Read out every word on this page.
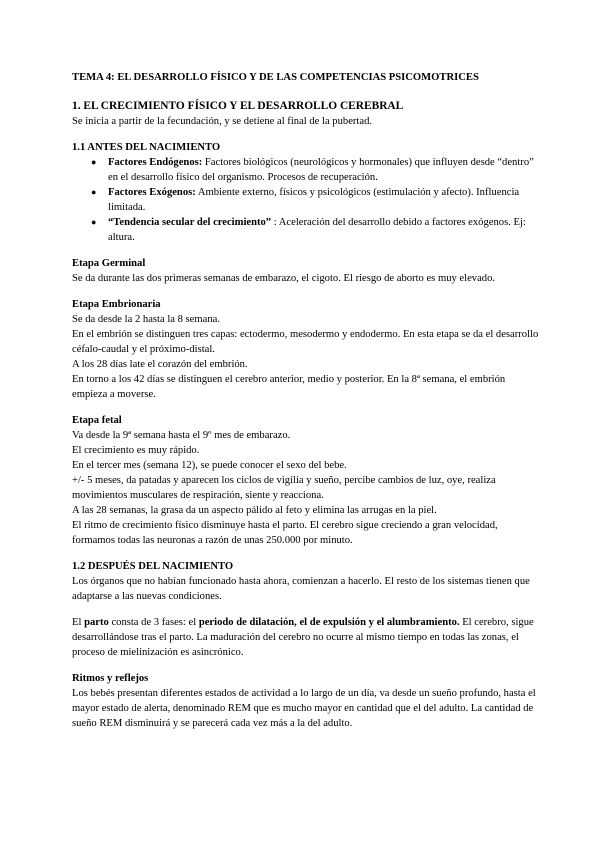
TEMA 4: EL DESARROLLO FÍSICO Y DE LAS COMPETENCIAS PSICOMOTRICES

1. EL CRECIMIENTO FÍSICO Y EL DESARROLLO CEREBRAL

Se inicia a partir de la fecundación, y se detiene al final de la pubertad.

1.1 ANTES DEL NACIMIENTO

● Factores Endógenos: Factores biológicos (neurológicos y hormonales) que influyen desde “dentro” en el desarrollo físico del organismo. Procesos de recuperación.
● Factores Exógenos: Ambiente externo, físicos y psicológicos (estimulación y afecto). Influencia limitada.
● “Tendencia secular del crecimiento” : Aceleración del desarrollo debido a factores exógenos. Ej: altura.

Etapa Germinal

Se da durante las dos primeras semanas de embarazo, el cigoto. El riesgo de aborto es muy elevado.

Etapa Embrionaria

Se da desde la 2 hasta la 8 semana.

En el embrión se distinguen tres capas: ectodermo, mesodermo y endodermo. En esta etapa se da el desarrollo céfalo-caudal y el próximo-distal.

A los 28 días late el corazón del embrión.

En torno a los 42 días se distinguen el cerebro anterior, medio y posterior. En la 8ª semana, el embrión empieza a moverse.

Etapa fetal

Va desde la 9ª semana hasta el 9º mes de embarazo.

El crecimiento es muy rápido.

En el tercer mes (semana 12), se puede conocer el sexo del bebe.

+/- 5 meses, da patadas y aparecen los ciclos de vigilia y sueño, percibe cambios de luz, oye, realiza movimientos musculares de respiración, siente y reacciona.

A las 28 semanas, la grasa da un aspecto pálido al feto y elimina las arrugas en la piel.

El ritmo de crecimiento físico disminuye hasta el parto. El cerebro sigue creciendo a gran velocidad, formamos todas las neuronas a razón de unas 250.000 por minuto.

1.2 DESPUÉS DEL NACIMIENTO

Los órganos que no habían funcionado hasta ahora, comienzan a hacerlo. El resto de los sistemas tienen que adaptarse a las nuevas condiciones.

El parto consta de 3 fases: el periodo de dilatación, el de expulsión y el alumbramiento. El cerebro, sigue desarrollándose tras el parto. La maduración del cerebro no ocurre al mismo tiempo en todas las zonas, el proceso de mielinización es asincrónico.

Ritmos y reflejos

Los bebés presentan diferentes estados de actividad a lo largo de un día, va desde un sueño profundo, hasta el mayor estado de alerta, denominado REM que es mucho mayor en cantidad que el del adulto. La cantidad de sueño REM disminuirá y se parecerá cada vez más a la del adulto.
